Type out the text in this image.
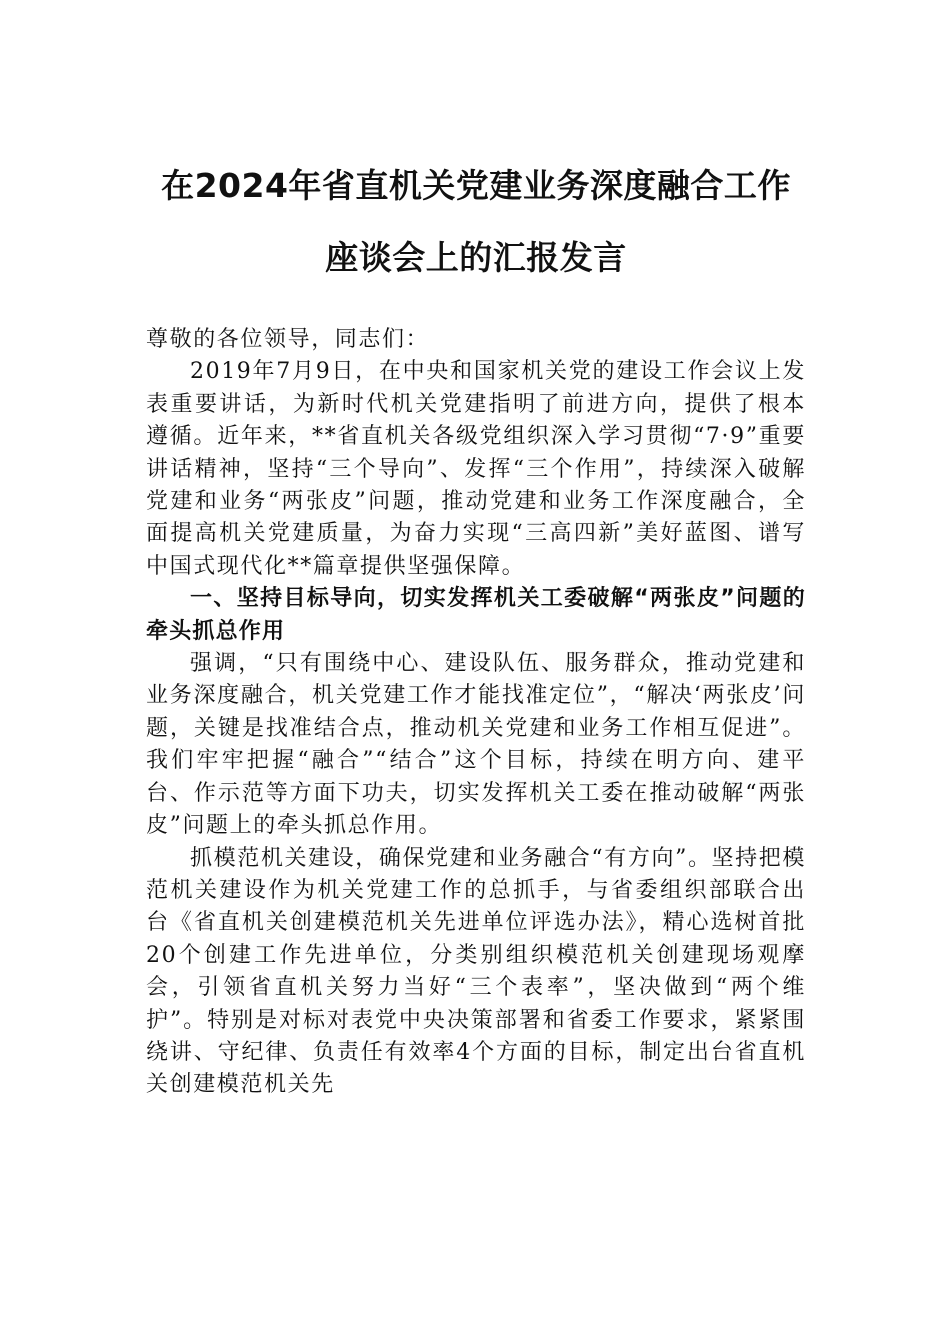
在2024年省直机关党建业务深度融合工作
座谈会上的汇报发言

尊敬的各位领导，同志们：

2019年7月9日，在中央和国家机关党的建设工作会议上发表重要讲话，为新时代机关党建指明了前进方向，提供了根本遵循。近年来，**省直机关各级党组织深入学习贯彻“7·9”重要讲话精神，坚持“三个导向”、发挥“三个作用”，持续深入破解党建和业务“两张皮”问题，推动党建和业务工作深度融合，全面提高机关党建质量，为奋力实现“三高四新”美好蓝图、谱写中国式现代化**篇章提供坚强保障。

一、坚持目标导向，切实发挥机关工委破解“两张皮”问题的牵头抓总作用

强调，“只有围绕中心、建设队伍、服务群众，推动党建和业务深度融合，机关党建工作才能找准定位”，“解决‘两张皮’问题，关键是找准结合点，推动机关党建和业务工作相互促进”。我们牢牢把握“融合”“结合”这个目标，持续在明方向、建平台、作示范等方面下功夫，切实发挥机关工委在推动破解“两张皮”问题上的牵头抓总作用。

抓模范机关建设，确保党建和业务融合“有方向”。坚持把模范机关建设作为机关党建工作的总抓手，与省委组织部联合出台《省直机关创建模范机关先进单位评选办法》，精心选树首批20个创建工作先进单位，分类别组织模范机关创建现场观摩会，引领省直机关努力当好“三个表率”，坚决做到“两个维护”。特别是对标对表党中央决策部署和省委工作要求，紧紧围绕讲、守纪律、负责任有效率4个方面的目标，制定出台省直机关创建模范机关先
